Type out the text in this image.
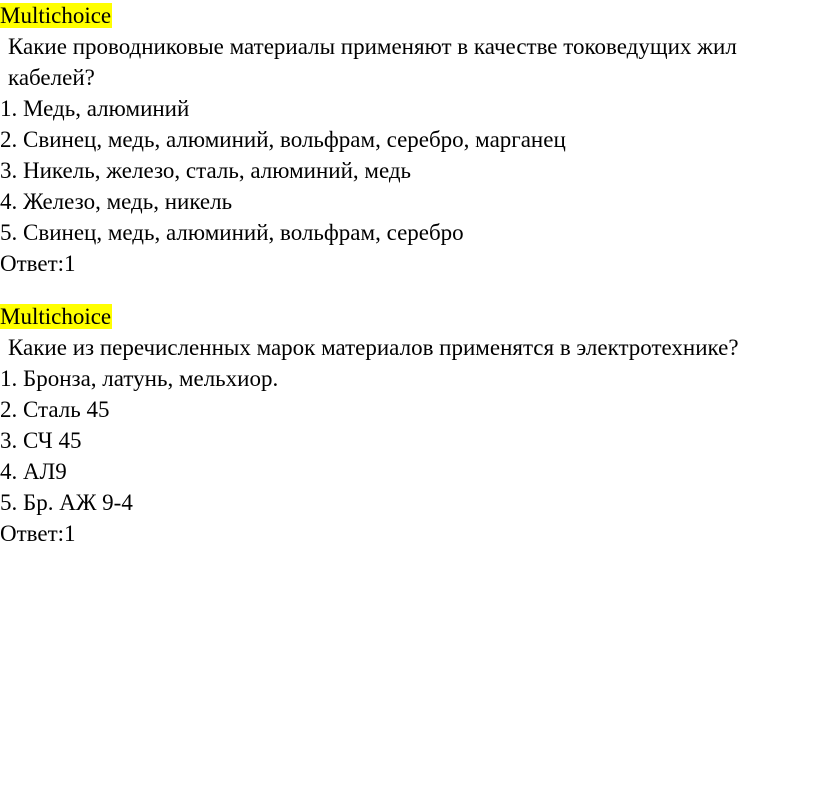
Multichoice
Какие проводниковые материалы применяют в качестве токоведущих жил кабелей?
1. Медь, алюминий
2. Свинец, медь, алюминий, вольфрам, серебро, марганец
3. Никель, железо, сталь, алюминий, медь
4. Железо, медь, никель
5. Свинец, медь, алюминий, вольфрам, серебро
Ответ:1
Multichoice
Какие из перечисленных марок материалов применятся в электротехнике?
1. Бронза, латунь, мельхиор.
2. Сталь 45
3. СЧ 45
4. АЛ9
5. Бр. АЖ 9-4
Ответ:1
